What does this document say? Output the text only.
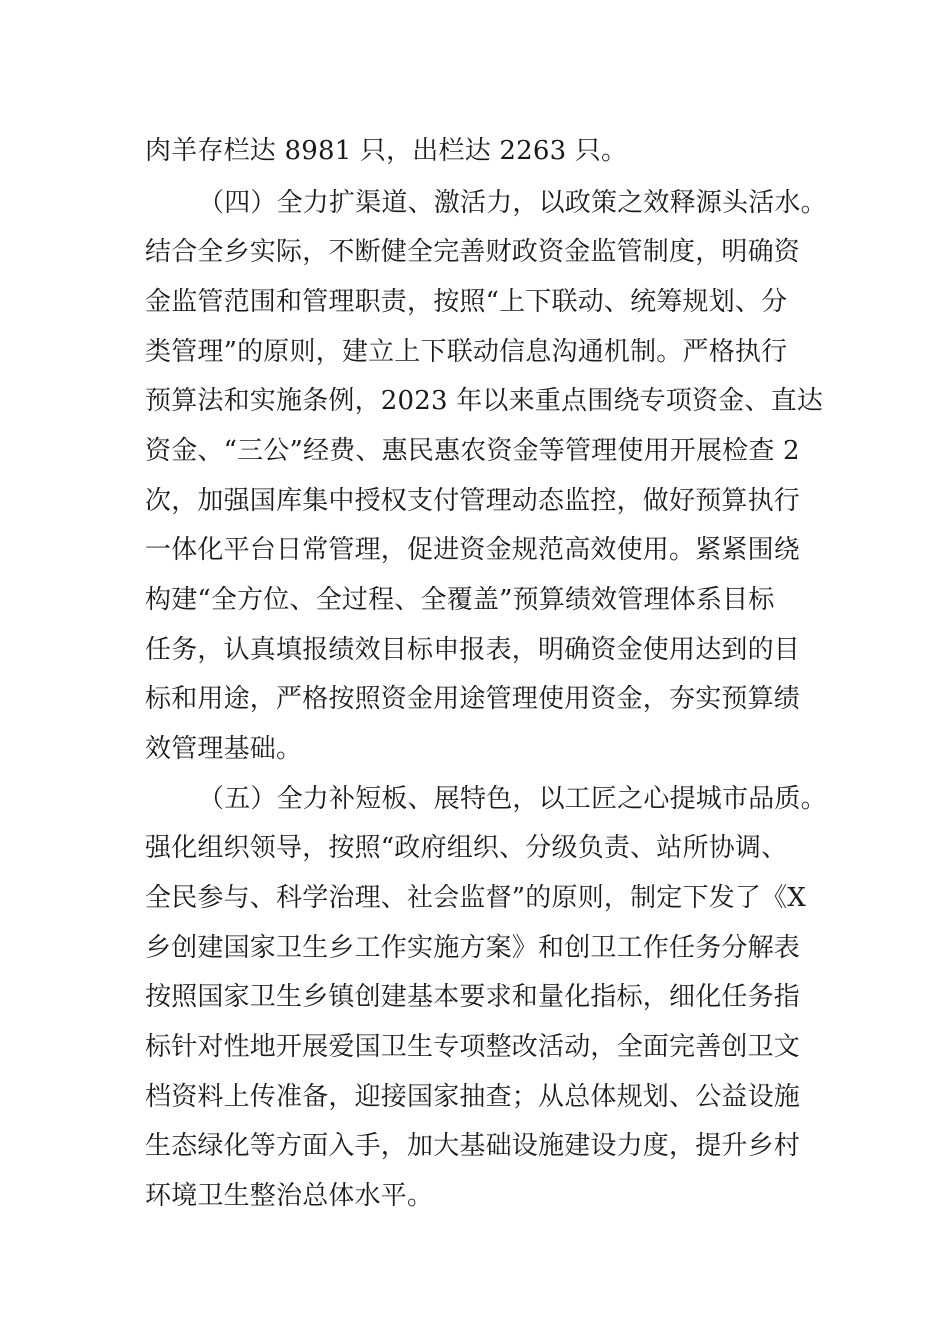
肉羊存栏达 8981 只，出栏达 2263 只。
（四）全力扩渠道、激活力，以政策之效释源头活水。
结合全乡实际，不断健全完善财政资金监管制度，明确资
金监管范围和管理职责，按照“上下联动、统筹规划、分
类管理”的原则，建立上下联动信息沟通机制。严格执行
预算法和实施条例，2023 年以来重点围绕专项资金、直达
资金、“三公”经费、惠民惠农资金等管理使用开展检查 2
次，加强国库集中授权支付管理动态监控，做好预算执行
一体化平台日常管理，促进资金规范高效使用。紧紧围绕
构建“全方位、全过程、全覆盖”预算绩效管理体系目标
任务，认真填报绩效目标申报表，明确资金使用达到的目
标和用途，严格按照资金用途管理使用资金，夯实预算绩
效管理基础。
（五）全力补短板、展特色，以工匠之心提城市品质。
强化组织领导，按照“政府组织、分级负责、站所协调、
全民参与、科学治理、社会监督”的原则，制定下发了《X
乡创建国家卫生乡工作实施方案》和创卫工作任务分解表
按照国家卫生乡镇创建基本要求和量化指标，细化任务指
标针对性地开展爱国卫生专项整改活动，全面完善创卫文
档资料上传准备，迎接国家抽查；从总体规划、公益设施
生态绿化等方面入手，加大基础设施建设力度，提升乡村
环境卫生整治总体水平。
